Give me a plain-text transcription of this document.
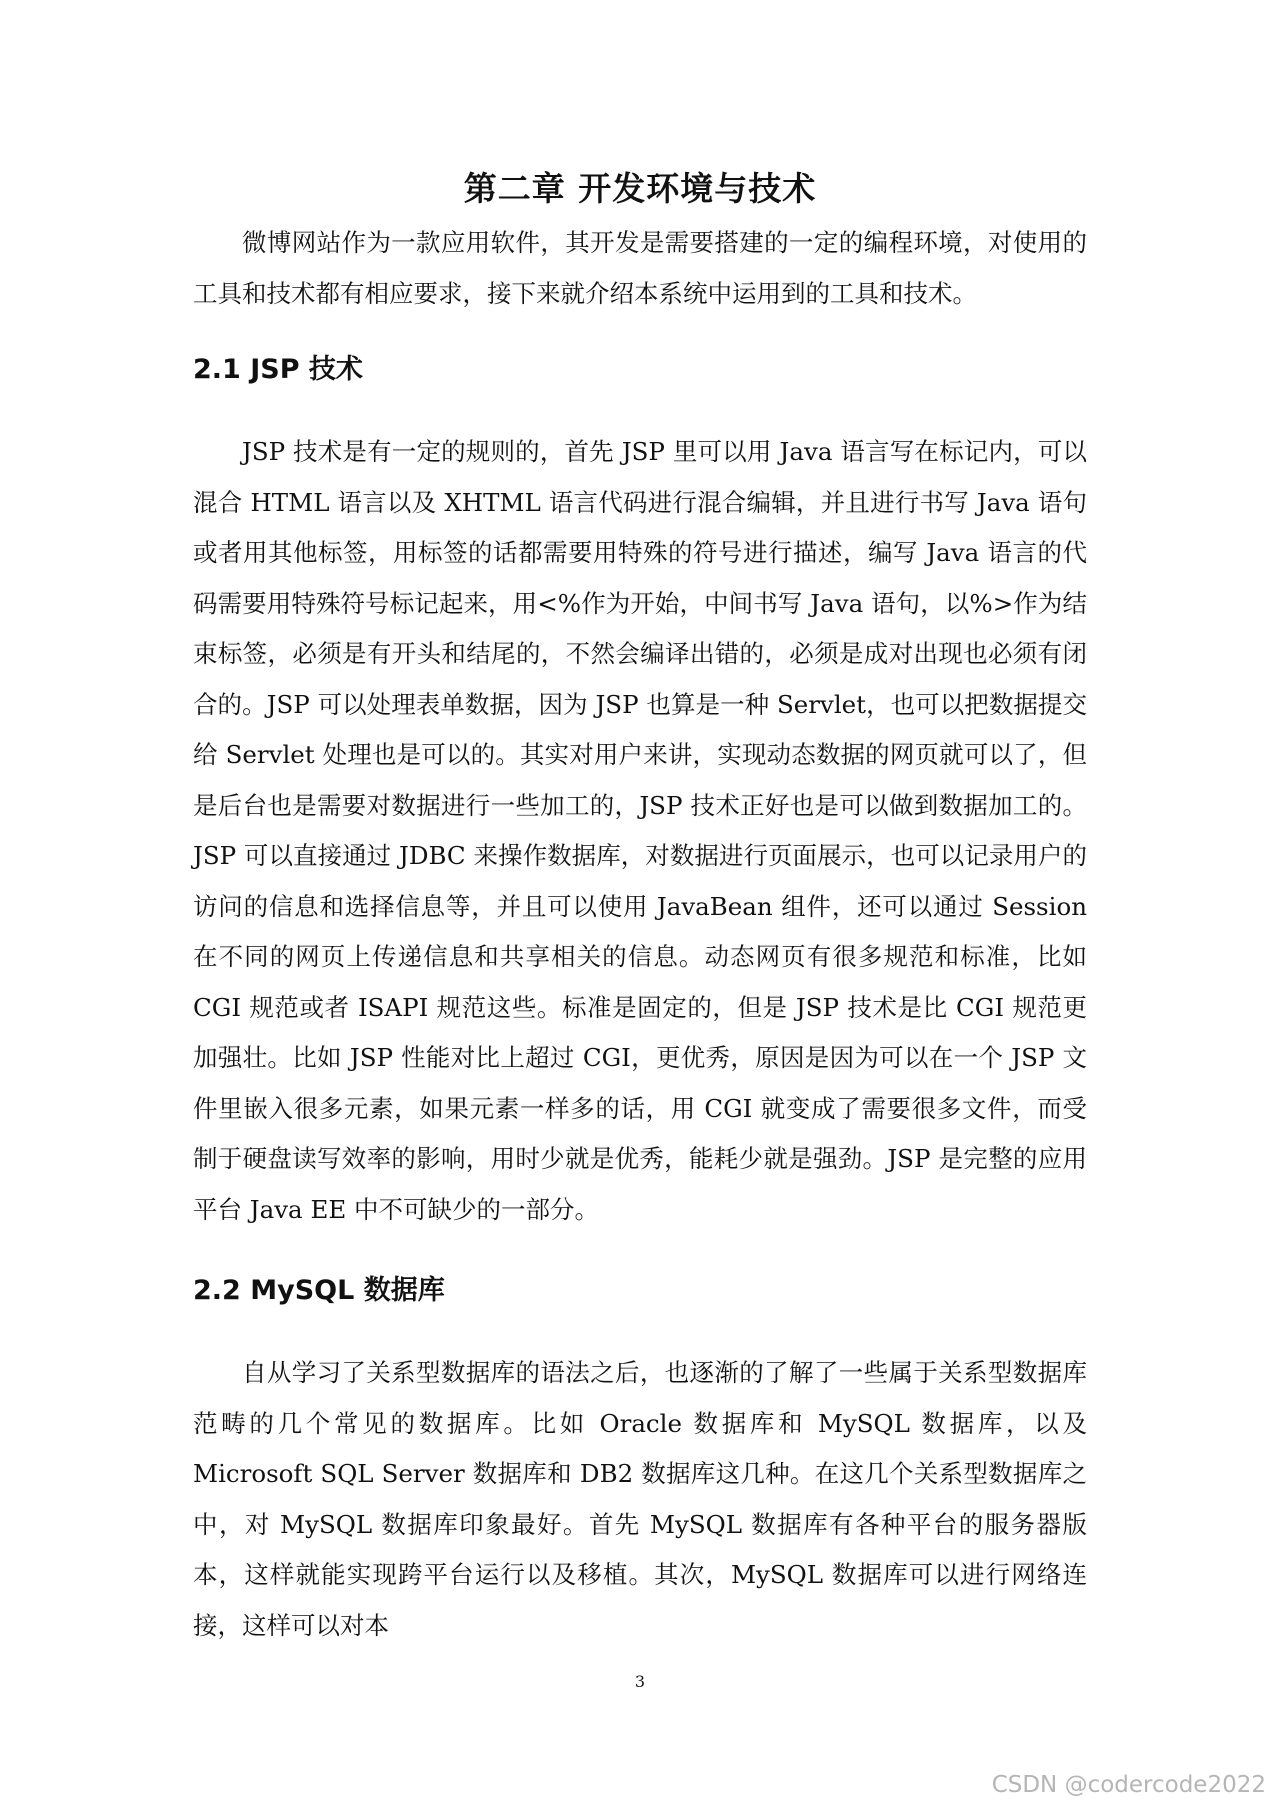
第二章 开发环境与技术

微博网站作为一款应用软件，其开发是需要搭建的一定的编程环境，对使用的工具和技术都有相应要求，接下来就介绍本系统中运用到的工具和技术。

2.1 JSP 技术

JSP 技术是有一定的规则的，首先 JSP 里可以用 Java 语言写在标记内，可以混合 HTML 语言以及 XHTML 语言代码进行混合编辑，并且进行书写 Java 语句或者用其他标签，用标签的话都需要用特殊的符号进行描述，编写 Java 语言的代码需要用特殊符号标记起来，用<%作为开始，中间书写 Java 语句，以%>作为结束标签，必须是有开头和结尾的，不然会编译出错的，必须是成对出现也必须有闭合的。JSP 可以处理表单数据，因为 JSP 也算是一种 Servlet，也可以把数据提交给 Servlet 处理也是可以的。其实对用户来讲，实现动态数据的网页就可以了，但是后台也是需要对数据进行一些加工的，JSP 技术正好也是可以做到数据加工的。JSP 可以直接通过 JDBC 来操作数据库，对数据进行页面展示，也可以记录用户的访问的信息和选择信息等，并且可以使用 JavaBean 组件，还可以通过 Session 在不同的网页上传递信息和共享相关的信息。动态网页有很多规范和标准，比如 CGI 规范或者 ISAPI 规范这些。标准是固定的，但是 JSP 技术是比 CGI 规范更加强壮。比如 JSP 性能对比上超过 CGI，更优秀，原因是因为可以在一个 JSP 文件里嵌入很多元素，如果元素一样多的话，用 CGI 就变成了需要很多文件，而受制于硬盘读写效率的影响，用时少就是优秀，能耗少就是强劲。JSP 是完整的应用平台 Java EE 中不可缺少的一部分。

2.2 MySQL 数据库

自从学习了关系型数据库的语法之后，也逐渐的了解了一些属于关系型数据库范畴的几个常见的数据库。比如 Oracle 数据库和 MySQL 数据库，以及 Microsoft SQL Server 数据库和 DB2 数据库这几种。在这几个关系型数据库之中，对 MySQL 数据库印象最好。首先 MySQL 数据库有各种平台的服务器版本，这样就能实现跨平台运行以及移植。其次，MySQL 数据库可以进行网络连接，这样可以对本

3
CSDN @codercode2022
